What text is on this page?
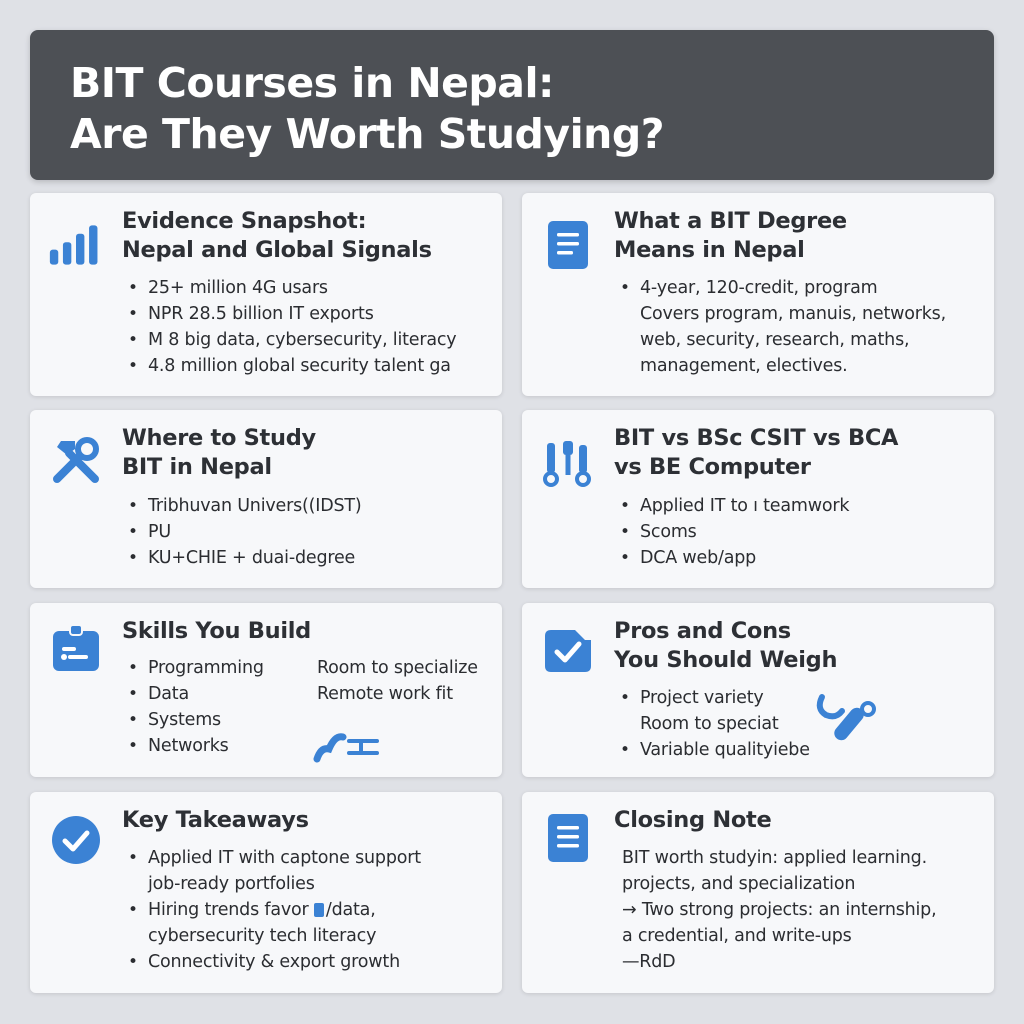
BIT Courses in Nepal:
Are They Worth Studying?
Evidence Snapshot:
Nepal and Global Signals
• 25+ million 4G usars
• NPR 28.5 billion IT exports
• M 8 big data, cybersecurity, literacy
• 4.8 million global security talent ga
What a BIT Degree
Means in Nepal
• 4-year, 120-credit, program
Covers program, manuis, networks,
web, security, research, maths,
management, electives.
Where to Study
BIT in Nepal
• Tribhuvan Univers((IDST)
• PU
• KU+CHIE + duai-degree
BIT vs BSc CSIT vs BCA
vs BE Computer
• Applied IT to ı teamwork
• Scoms
• DCA web/app
Skills You Build
• Programming
• Data
• Systems
• Networks
Room to specialize
Remote work fit
Pros and Cons
You Should Weigh
• Project variety
Room to speciat
• Variable qualityiebe
Key Takeaways
• Applied IT with captone support
job-ready portfolies
• Hiring trends favor /data,
cybersecurity tech literacy
• Connectivity & export growth
Closing Note

BIT worth studyin: applied learning.

projects, and specialization

→ Two strong projects: an internship,

a credential, and write-ups

—RdD
